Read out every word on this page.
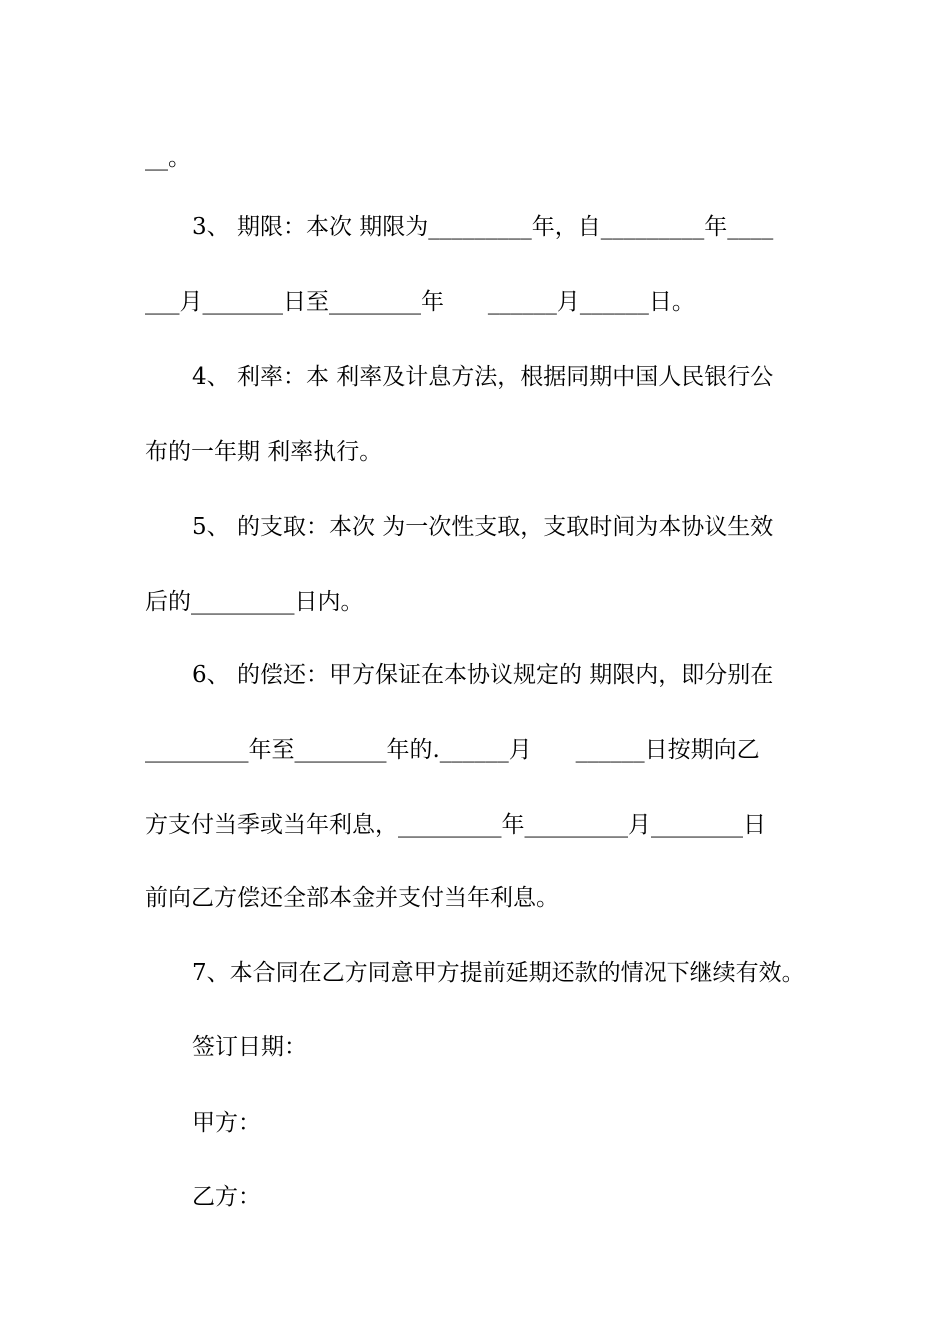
__。
3、 期限：本次 期限为_________年，自_________年____
___月_______日至________年      ______月______日。
4、 利率：本 利率及计息方法，根据同期中国人民银行公
布的一年期 利率执行。
5、 的支取：本次 为一次性支取，支取时间为本协议生效
后的_________日内。
6、 的偿还：甲方保证在本协议规定的 期限内，即分别在
_________年至________年的.______月      ______日按期向乙
方支付当季或当年利息，_________年_________月________日
前向乙方偿还全部本金并支付当年利息。
7、本合同在乙方同意甲方提前延期还款的情况下继续有效。
签订日期：
甲方：
乙方：
